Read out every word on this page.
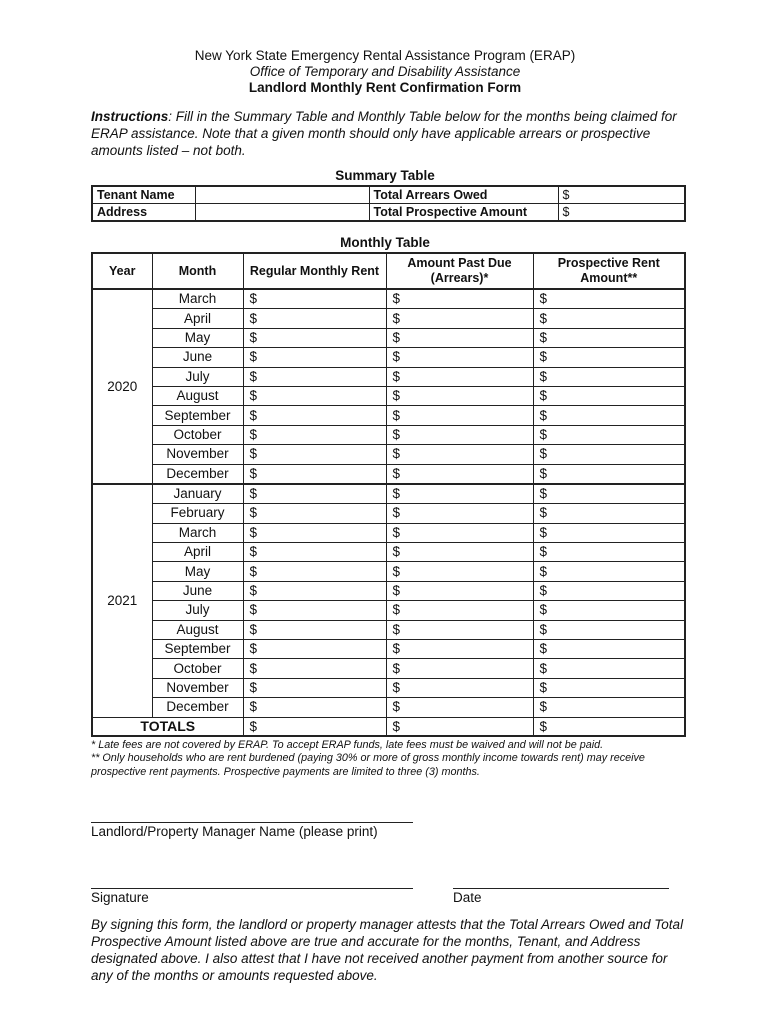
New York State Emergency Rental Assistance Program (ERAP)
Office of Temporary and Disability Assistance
Landlord Monthly Rent Confirmation Form
Instructions: Fill in the Summary Table and Monthly Table below for the months being claimed for ERAP assistance. Note that a given month should only have applicable arrears or prospective amounts listed – not both.
Summary Table
Tenant Name		Total Arrears Owed	$
Address		Total Prospective Amount	$
Monthly Table
Year	Month	Regular Monthly Rent	Amount Past Due (Arrears)*	Prospective Rent Amount**
2020	March	$	$	$
	April	$	$	$
	May	$	$	$
	June	$	$	$
	July	$	$	$
	August	$	$	$
	September	$	$	$
	October	$	$	$
	November	$	$	$
	December	$	$	$
2021	January	$	$	$
	February	$	$	$
	March	$	$	$
	April	$	$	$
	May	$	$	$
	June	$	$	$
	July	$	$	$
	August	$	$	$
	September	$	$	$
	October	$	$	$
	November	$	$	$
	December	$	$	$
TOTALS		$	$	$
* Late fees are not covered by ERAP. To accept ERAP funds, late fees must be waived and will not be paid.
** Only households who are rent burdened (paying 30% or more of gross monthly income towards rent) may receive prospective rent payments. Prospective payments are limited to three (3) months.
Landlord/Property Manager Name (please print)
Signature	Date
By signing this form, the landlord or property manager attests that the Total Arrears Owed and Total Prospective Amount listed above are true and accurate for the months, Tenant, and Address designated above. I also attest that I have not received another payment from another source for any of the months or amounts requested above.
